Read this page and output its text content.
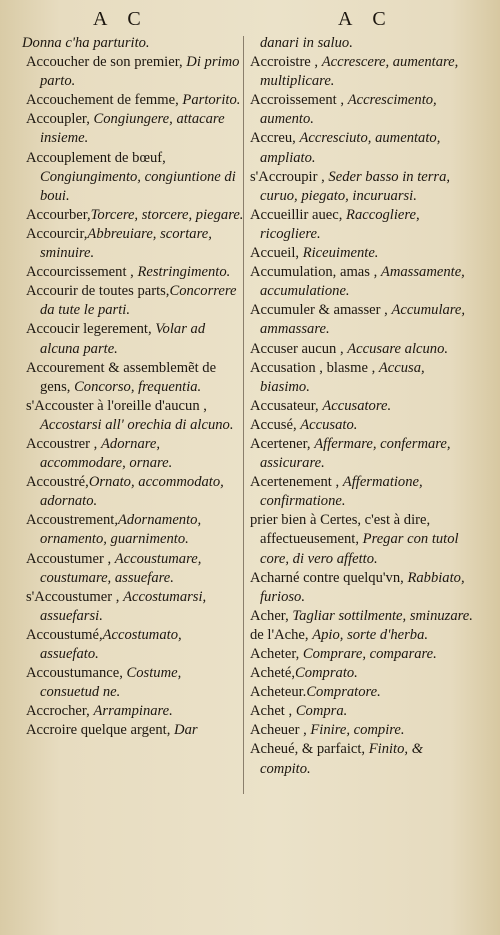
A C	A C
Donna c'ha parturito.
Accoucher de son premier, Di primo parto.
Accouchement de femme, Partorito.
Accoupler, Congiungere, attacare insieme.
Accouplement de bœuf, Congiungimento, congiuntione di boui.
Accourber,Torcere, storcere, piegare.
Accourcir,Abbreuiare, scortare, sminuire.
Accourcissement , Restringimento.
Accourir de toutes parts,Concorrere da tute le parti.
Accoucir legerement, Volar ad alcuna parte.
Accourement & assemblemẽt de gens, Concorso, frequentia.
s'Accouster à l'oreille d'aucun , Accostarsi all' orechia di alcuno.
Accoustrer , Adornare, accommodare, ornare.
Accoustré,Ornato, accommodato, adornato.
Accoustrement,Adornamento, ornamento, guarnimento.
Accoustumer , Accoustumare, coustumare, assuefare.
s'Accoustumer , Accostumarsi, assuefarsi.
Accoustumé,Accostumato, assuefato.
Accoustumance, Costume, consuetud ne.
Accrocher, Arrampinare.
Accroire quelque argent, Dar
danari in saluo.
Accroistre , Accrescere, aumentare, multiplicare.
Accroissement , Accrescimento, aumento.
Accreu, Accresciuto, aumentato, ampliato.
s'Accroupir , Seder basso in terra, curuo, piegato, incuruarsi.
Accueillir auec, Raccogliere, ricogliere.
Accueil, Riceuimente.
Accumulation, amas , Amassamente, accumulatione.
Accumuler & amasser , Accumulare, ammassare.
Accuser aucun , Accusare alcuno.
Accusation , blasme , Accusa, biasimo.
Accusateur, Accusatore.
Accusé, Accusato.
Acertener, Affermare, confermare, assicurare.
Acertenement , Affermatione, confirmatione.
prier bien à Certes, c'est à dire, affectueusement, Pregar con tutol core, di vero affetto.
Acharné contre quelqu'vn, Rabbiato, furioso.
Acher, Tagliar sottilmente, sminuzare.
de l'Ache, Apio, sorte d'herba.
Acheter, Comprare, comparare.
Acheté,Comprato.
Acheteur.Compratore.
Achet , Compra.
Acheuer , Finire, compire.
Acheué, & parfaict, Finito, & compito.
